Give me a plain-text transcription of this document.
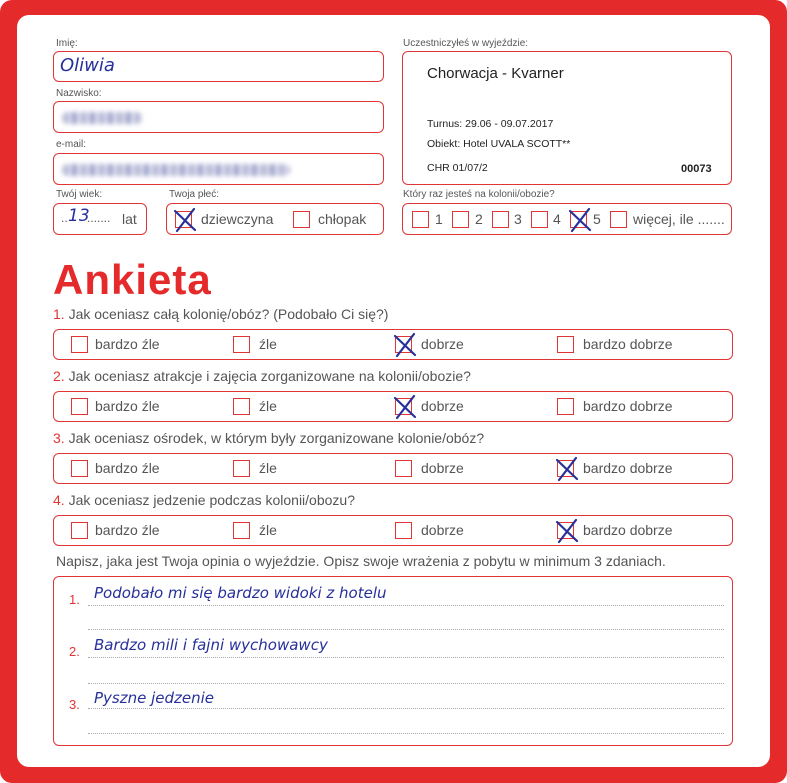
Imię:
Oliwia
Nazwisko:
e-mail:
Twój wiek:
.. 13
....... lat
Twoja płeć:
dziewczyna	chłopak
Uczestniczyłeś w wyjeździe:
Chorwacja - Kvarner
Turnus: 29.06 - 09.07.2017
Obiekt: Hotel UVALA SCOTT**
CHR 01/07/2	00073
Który raz jesteś na kolonii/obozie?
1 2 3 4 5 więcej, ile .......
Ankieta
1. Jak oceniasz całą kolonię/obóz? (Podobało Ci się?)
bardzo źle	źle	dobrze	bardzo dobrze
2. Jak oceniasz atrakcje i zajęcia zorganizowane na kolonii/obozie?
bardzo źle	źle	dobrze	bardzo dobrze
3. Jak oceniasz ośrodek, w którym były zorganizowane kolonie/obóz?
bardzo źle	źle	dobrze	bardzo dobrze
4. Jak oceniasz jedzenie podczas kolonii/obozu?
bardzo źle	źle	dobrze	bardzo dobrze
Napisz, jaka jest Twoja opinia o wyjeździe. Opisz swoje wrażenia z pobytu w minimum 3 zdaniach.
1. Podobało mi się bardzo widoki z hotelu
2. Bardzo mili i fajni wychowawcy
3. Pyszne jedzenie
